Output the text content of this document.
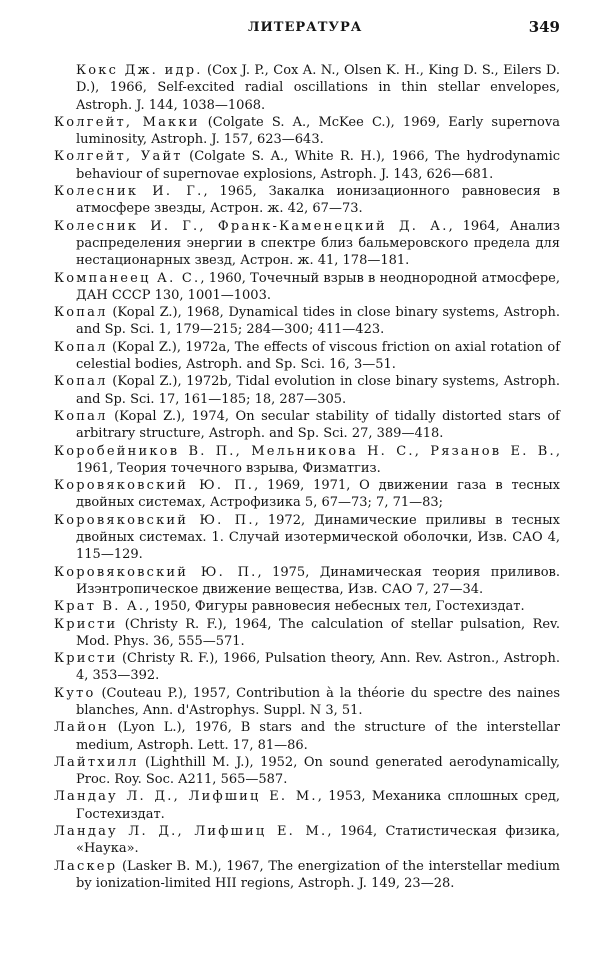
ЛИТЕРАТУРА	349

Кокс Дж. идр. (Cox J. P., Cox A. N., Olsen K. H., King D. S., Eilers D. D.), 1966, Self-excited radial oscillations in thin stellar envelopes, Astroph. J. 144, 1038—1068.

Колгейт, Макки (Colgate S. A., McKee C.), 1969, Early supernova luminosity, Astroph. J. 157, 623—643.

Колгейт, Уайт (Colgate S. A., White R. H.), 1966, The hydrodynamic behaviour of supernovae explosions, Astroph. J. 143, 626—681.

Колесник И. Г., 1965, Закалка ионизационного равновесия в атмосфере звезды, Астрон. ж. 42, 67—73.

Колесник И. Г., Франк-Каменецкий Д. А., 1964, Анализ распределения энергии в спектре близ бальмеровского предела для нестационарных звезд, Астрон. ж. 41, 178—181.

Компанеец А. С., 1960, Точечный взрыв в неоднородной атмосфере, ДАН СССР 130, 1001—1003.

Копал (Kopal Z.), 1968, Dynamical tides in close binary systems, Astroph. and Sp. Sci. 1, 179—215; 284—300; 411—423.

Копал (Kopal Z.), 1972a, The effects of viscous friction on axial rotation of celestial bodies, Astroph. and Sp. Sci. 16, 3—51.

Копал (Kopal Z.), 1972b, Tidal evolution in close binary systems, Astroph. and Sp. Sci. 17, 161—185; 18, 287—305.

Копал (Kopal Z.), 1974, On secular stability of tidally distorted stars of arbitrary structure, Astroph. and Sp. Sci. 27, 389—418.

Коробейников В. П., Мельникова Н. С., Рязанов Е. В., 1961, Теория точечного взрыва, Физматгиз.

Коровяковский Ю. П., 1969, 1971, О движении газа в тесных двойных системах, Астрофизика 5, 67—73; 7, 71—83;

Коровяковский Ю. П., 1972, Динамические приливы в тесных двойных системах. 1. Случай изотермической оболочки, Изв. САО 4, 115—129.

Коровяковский Ю. П., 1975, Динамическая теория приливов. Изэнтропическое движение вещества, Изв. САО 7, 27—34.

Крат В. А., 1950, Фигуры равновесия небесных тел, Гостехиздат.

Кристи (Christy R. F.), 1964, The calculation of stellar pulsation, Rev. Mod. Phys. 36, 555—571.

Кристи (Christy R. F.), 1966, Pulsation theory, Ann. Rev. Astron., Astroph. 4, 353—392.

Куто (Couteau P.), 1957, Contribution à la théorie du spectre des naines blanches, Ann. d'Astrophys. Suppl. N 3, 51.

Лайон (Lyon L.), 1976, B stars and the structure of the interstellar medium, Astroph. Lett. 17, 81—86.

Лайтхилл (Lighthill M. J.), 1952, On sound generated aerodynamically, Proc. Roy. Soc. A211, 565—587.

Ландау Л. Д., Лифшиц Е. М., 1953, Механика сплошных сред, Гостехиздат.

Ландау Л. Д., Лифшиц Е. М., 1964, Статистическая физика, «Наука».

Ласкер (Lasker B. M.), 1967, The energization of the interstellar medium by ionization-limited HII regions, Astroph. J. 149, 23—28.
